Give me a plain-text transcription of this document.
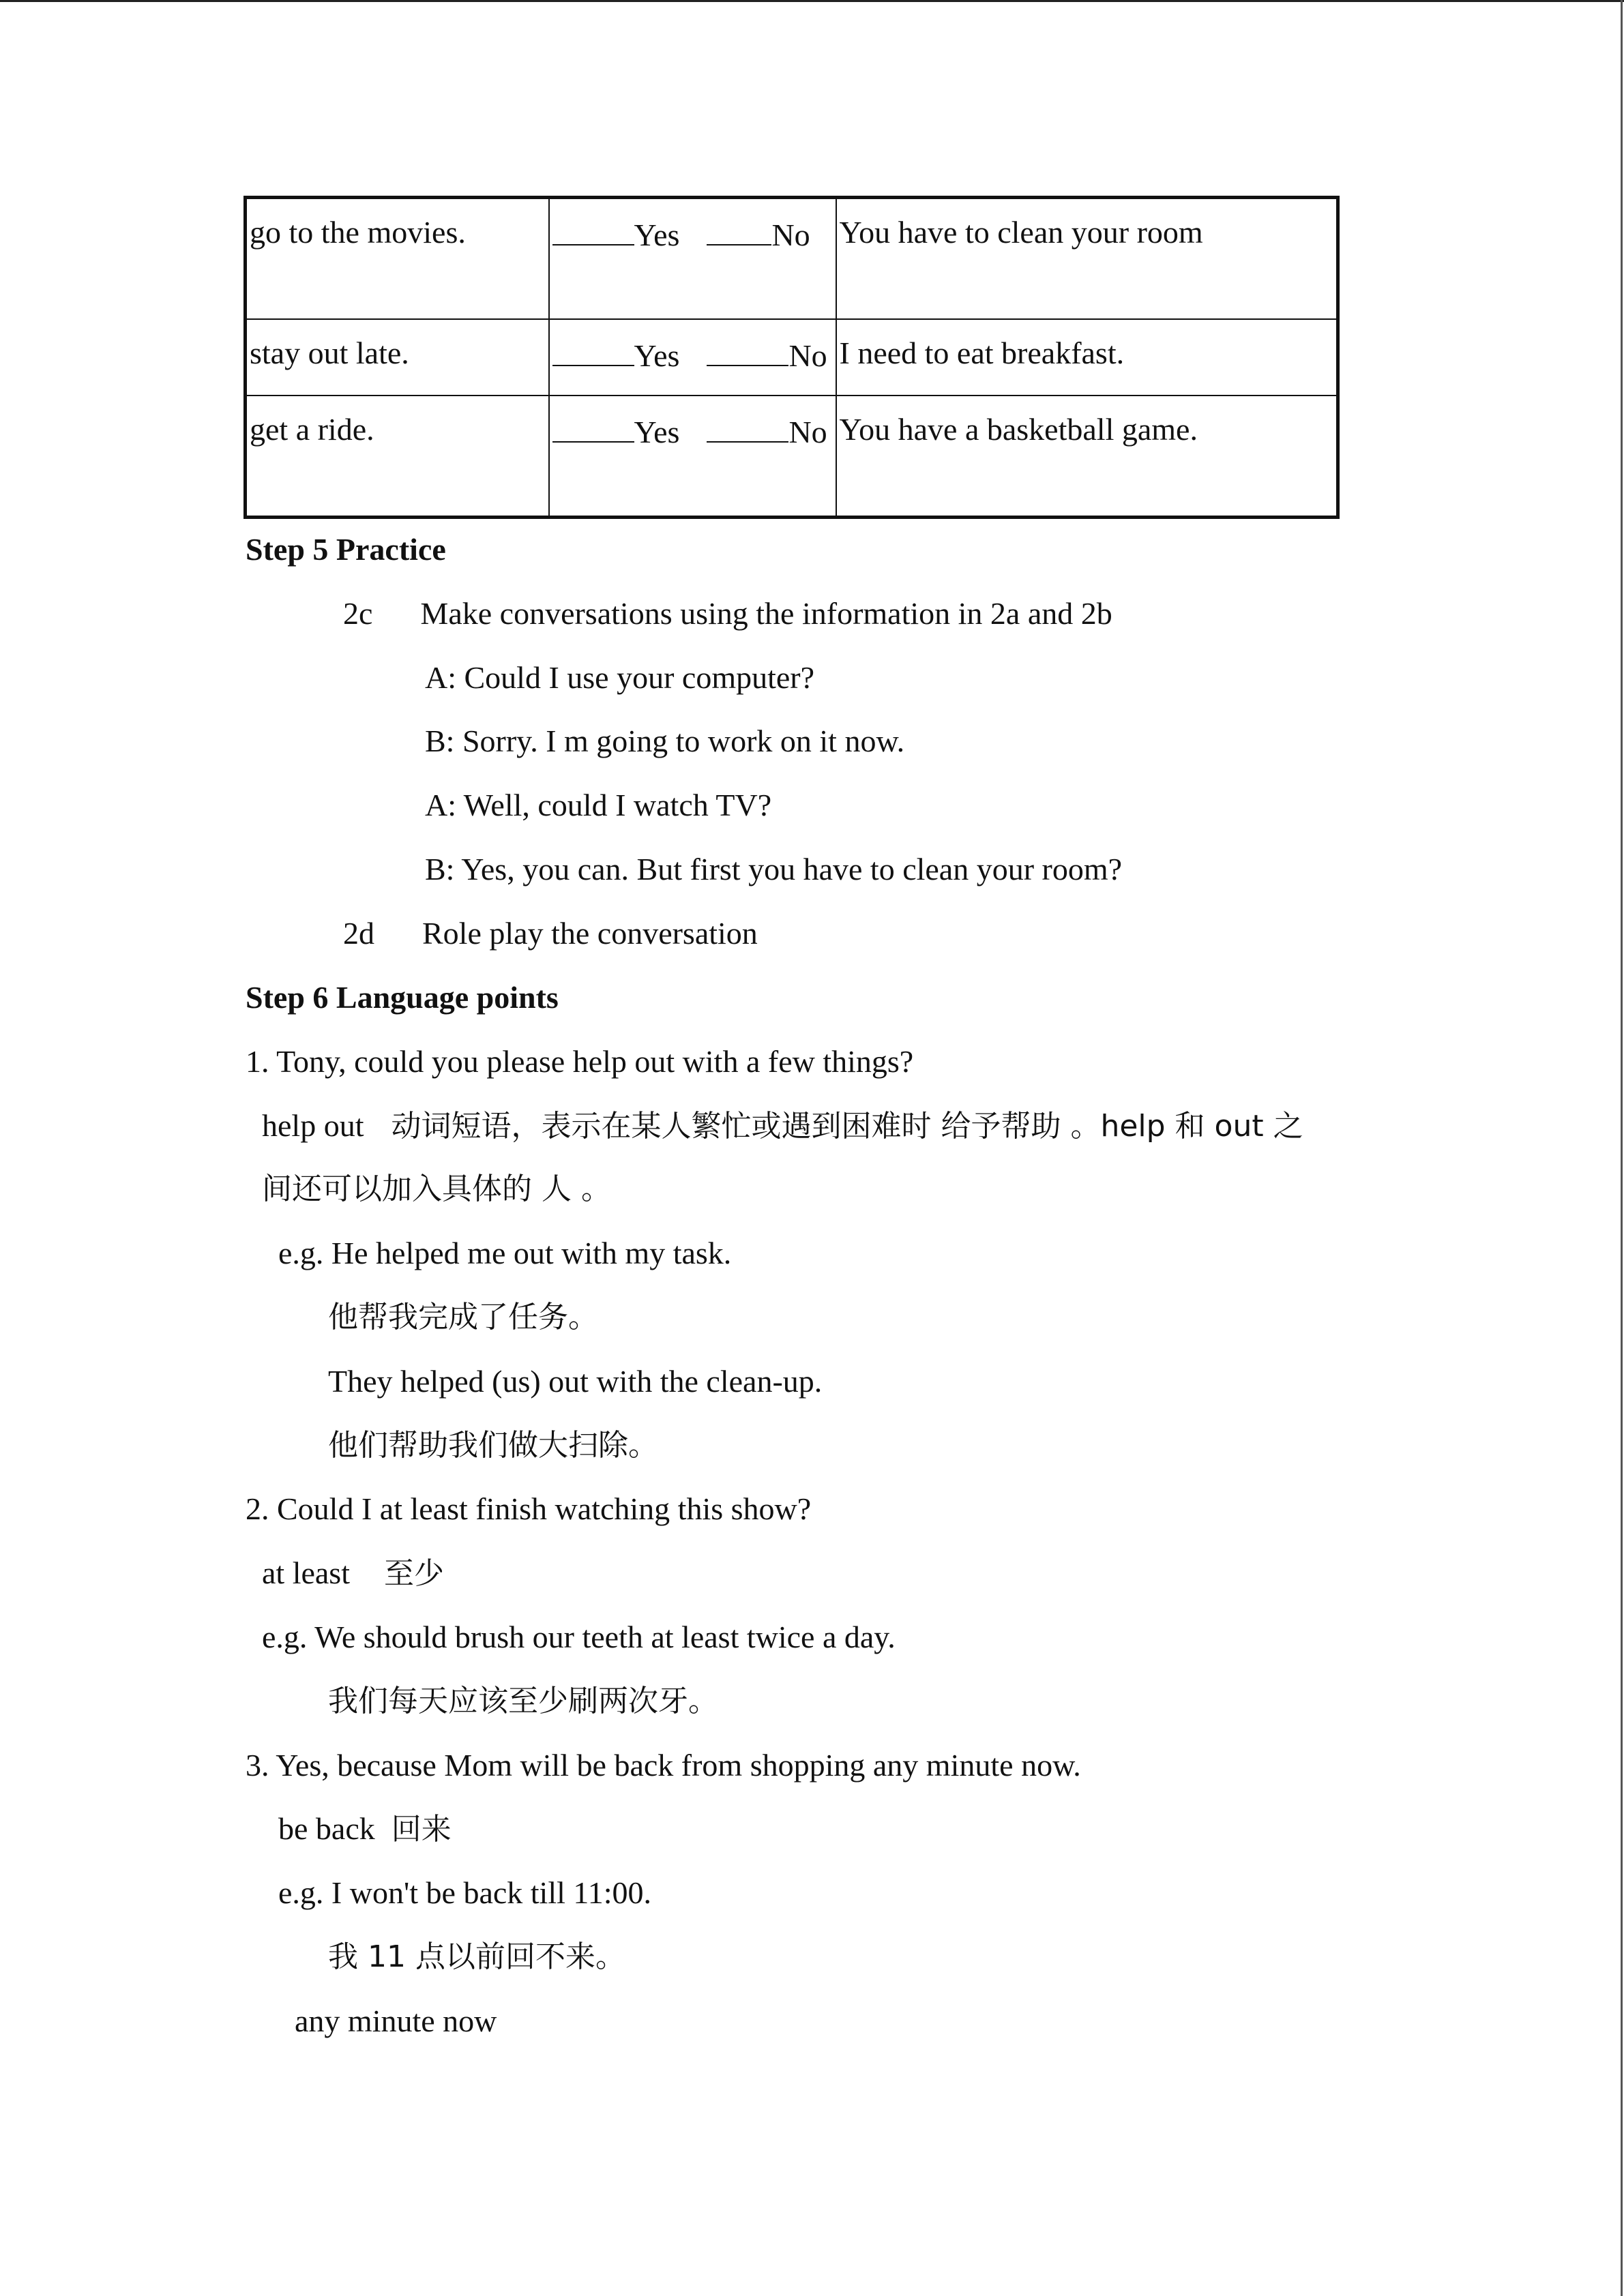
go to the movies.	Yes No	You have to clean your room
stay out late.	Yes No	I need to eat breakfast.
get a ride.	Yes No	You have a basketball game.
Step 5 Practice
2c Make conversations using the information in 2a and 2b
A: Could I use your computer?
B: Sorry. I m going to work on it now.
A: Well, could I watch TV?
B: Yes, you can. But first you have to clean your room?
2d Role play the conversation
Step 6 Language points
1. Tony, could you please help out with a few things?
help out 动词短语，表示在某人繁忙或遇到困难时 给予帮助 。help 和 out 之
间还可以加入具体的 人 。
e.g. He helped me out with my task.
他帮我完成了任务。
They helped (us) out with the clean-up.
他们帮助我们做大扫除。
2. Could I at least finish watching this show?
at least 至少
e.g. We should brush our teeth at least twice a day.
我们每天应该至少刷两次牙。
3. Yes, because Mom will be back from shopping any minute now.
be back 回来
e.g. I won't be back till 11:00.
我 11 点以前回不来。
any minute now
